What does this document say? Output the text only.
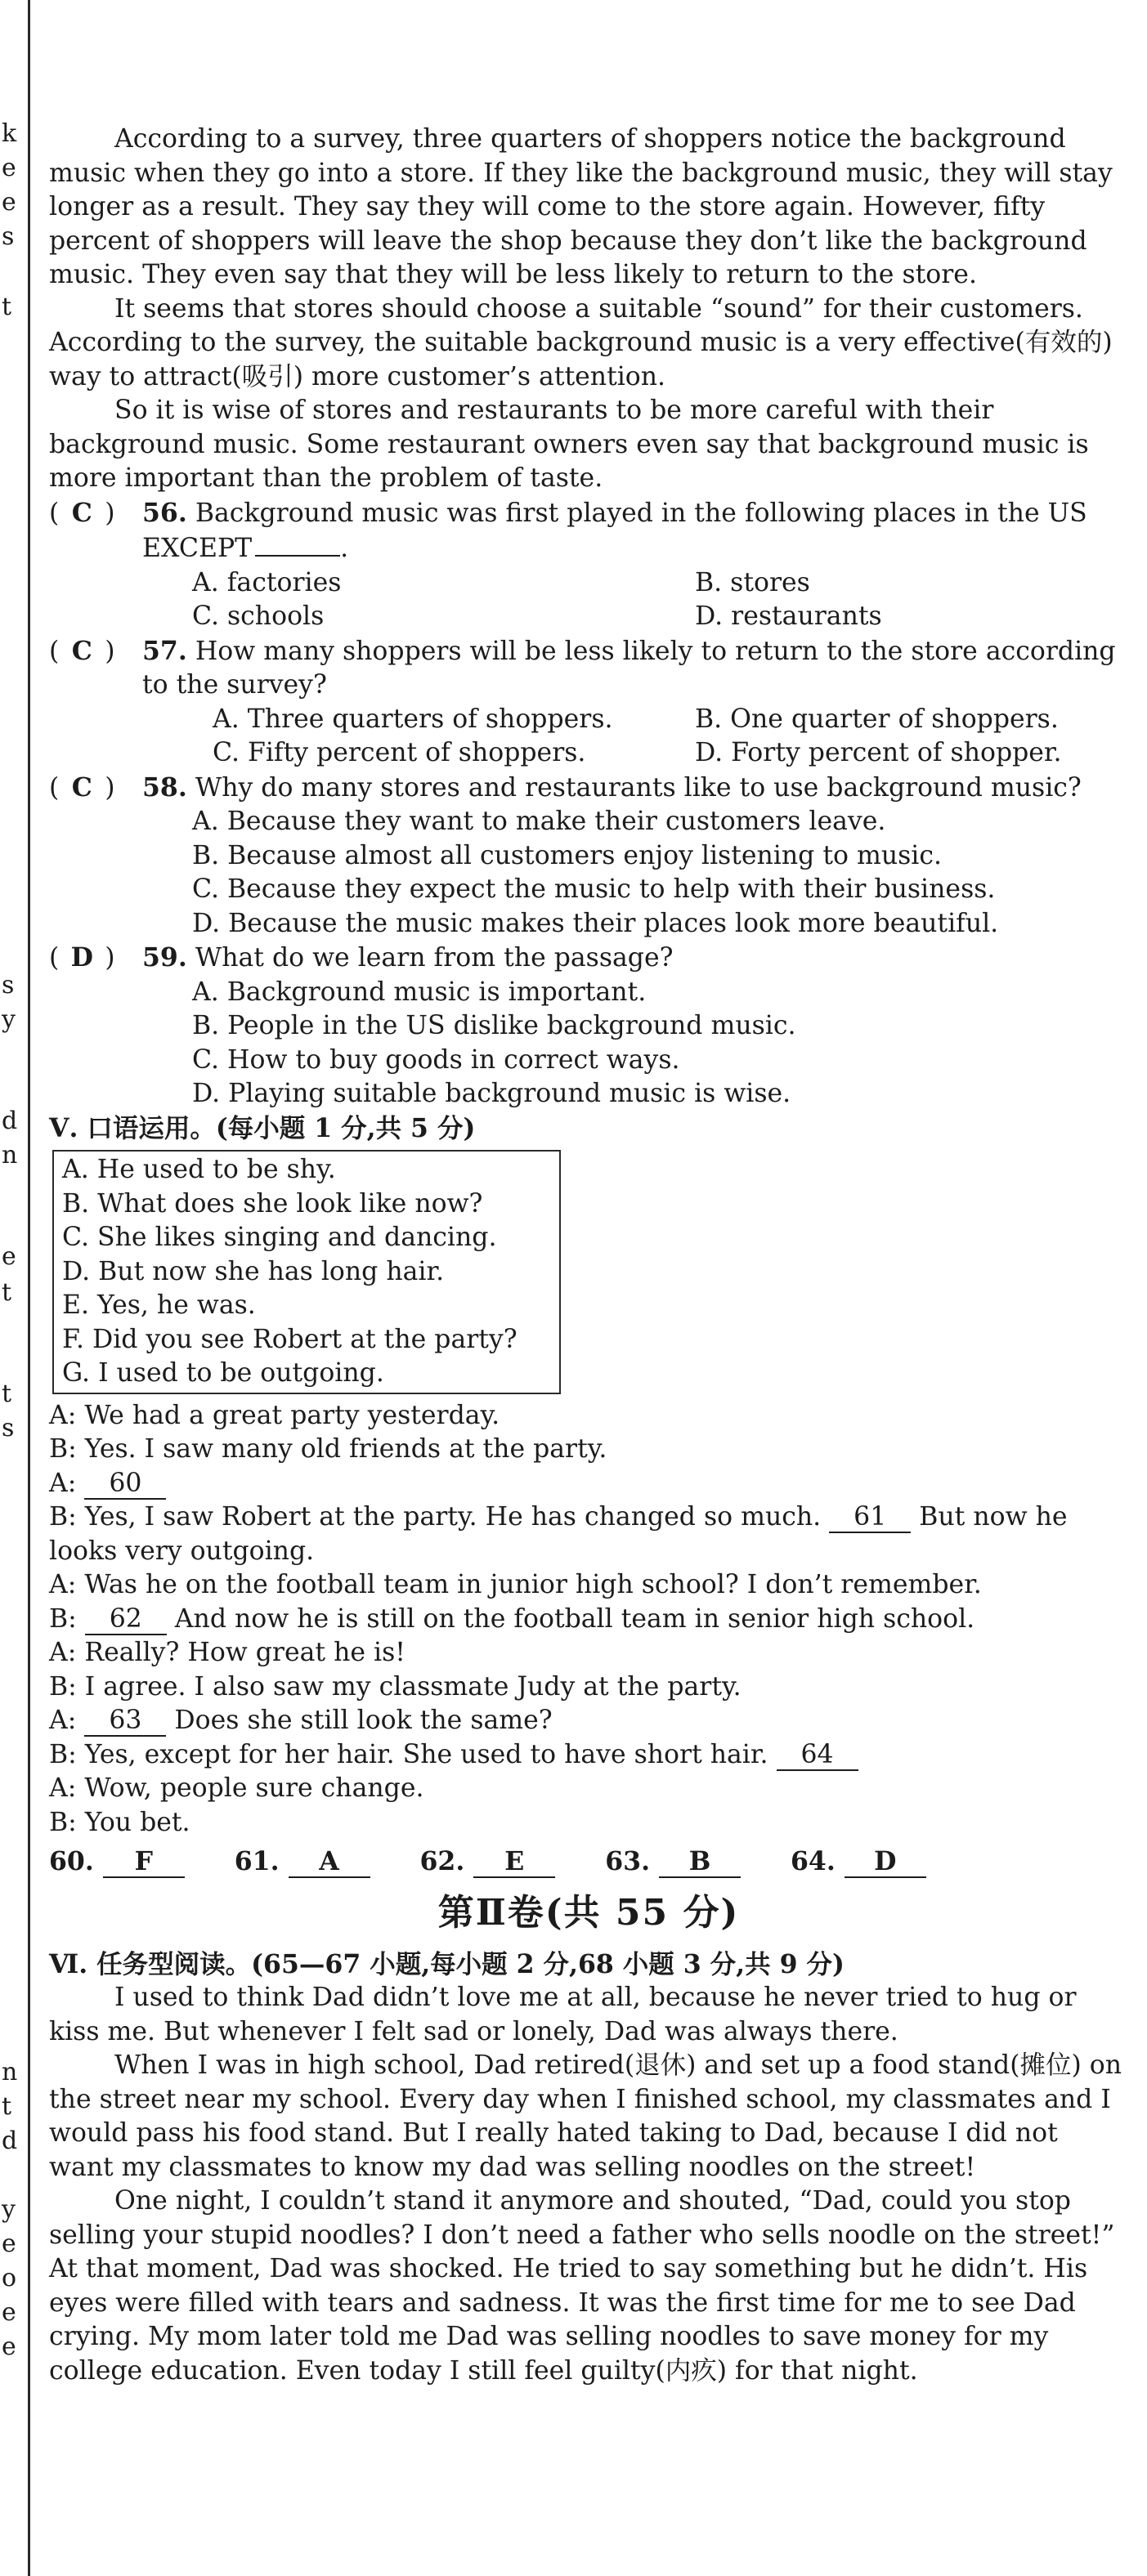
k
e
e
s
t
s
y
d
n
e
t
t
s
n
t
d
y
e
o
e
e

According to a survey, three quarters of shoppers notice the background music when they go into a store. If they like the background music, they will stay longer as a result. They say they will come to the store again. However, fifty percent of shoppers will leave the shop because they don’t like the background music. They even say that they will be less likely to return to the store.

It seems that stores should choose a suitable “sound” for their customers. According to the survey, the suitable background music is a very effective(有效的) way to attract(吸引) more customer’s attention.

So it is wise of stores and restaurants to be more careful with their background music. Some restaurant owners even say that background music is more important than the problem of taste.

( C ) 56. Background music was first played in the following places in the US EXCEPT	.
A. factories	B. stores
C. schools	D. restaurants
( C ) 57. How many shoppers will be less likely to return to the store according to the survey?
A. Three quarters of shoppers.	B. One quarter of shoppers.
C. Fifty percent of shoppers.	D. Forty percent of shopper.
( C ) 58. Why do many stores and restaurants like to use background music?

A. Because they want to make their customers leave.

B. Because almost all customers enjoy listening to music.

C. Because they expect the music to help with their business.

D. Because the music makes their places look more beautiful.

( D ) 59. What do we learn from the passage?

A. Background music is important.

B. People in the US dislike background music.

C. How to buy goods in correct ways.

D. Playing suitable background music is wise.

Ⅴ. 口语运用。(每小题 1 分,共 5 分)

A. He used to be shy.

B. What does she look like now?

C. She likes singing and dancing.

D. But now she has long hair.

E. Yes, he was.

F. Did you see Robert at the party?

G. I used to be outgoing.

A: We had a great party yesterday.

B: Yes. I saw many old friends at the party.

A: 60

B: Yes, I saw Robert at the party. He has changed so much. 61 But now he looks very outgoing.

A: Was he on the football team in junior high school? I don’t remember.

B: 62 And now he is still on the football team in senior high school.

A: Really? How great he is!

B: I agree. I also saw my classmate Judy at the party.

A: 63 Does she still look the same?

B: Yes, except for her hair. She used to have short hair. 64

A: Wow, people sure change.

B: You bet.

60. F	61. A	62. E	63. B	64. D

第Ⅱ卷(共 55 分)

Ⅵ. 任务型阅读。(65—67 小题,每小题 2 分,68 小题 3 分,共 9 分)

I used to think Dad didn’t love me at all, because he never tried to hug or kiss me. But whenever I felt sad or lonely, Dad was always there.

When I was in high school, Dad retired(退休) and set up a food stand(摊位) on the street near my school. Every day when I finished school, my classmates and I would pass his food stand. But I really hated taking to Dad, because I did not want my classmates to know my dad was selling noodles on the street!

One night, I couldn’t stand it anymore and shouted, “Dad, could you stop selling your stupid noodles? I don’t need a father who sells noodle on the street!” At that moment, Dad was shocked. He tried to say something but he didn’t. His eyes were filled with tears and sadness. It was the first time for me to see Dad crying. My mom later told me Dad was selling noodles to save money for my college education. Even today I still feel guilty(内疚) for that night.
